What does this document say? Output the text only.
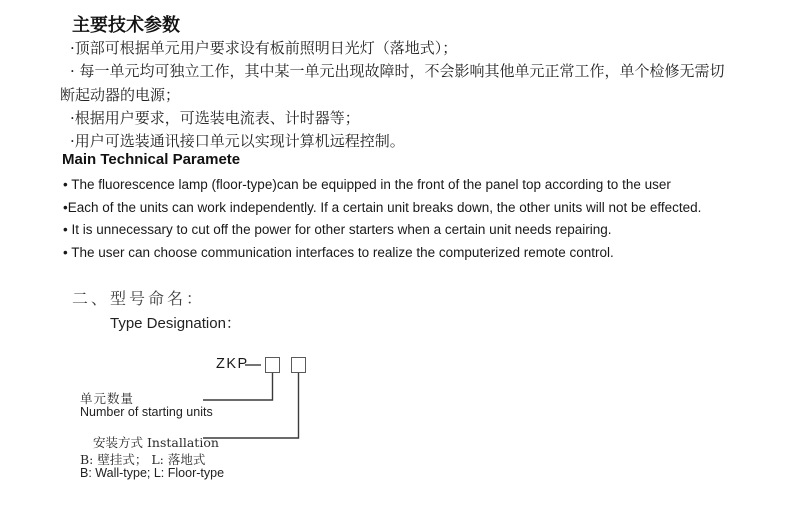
主要技术参数
·顶部可根据单元用户要求设有板前照明日光灯（落地式）；
· 每一单元均可独立工作，其中某一单元出现故障时，不会影响其他单元正常工作，单个检修无需切
断起动器的电源；
·根据用户要求，可选装电流表、计时器等；
·用户可选装通讯接口单元以实现计算机远程控制。
Main Technical Paramete
• The fluorescence lamp (floor-type)can be equipped in the front of the panel top according to the user
•Each of the units can work independently. If a certain unit breaks down, the other units will not be effected.
• It is unnecessary to cut off the power for other starters when a certain unit needs repairing.
• The user can choose communication interfaces to realize the computerized remote control.
二、型号命名：
Type Designation：
ZKP
单元数量
Number of starting units
安装方式 Installation
B: 壁挂式； L: 落地式
B: Wall-type; L: Floor-type
